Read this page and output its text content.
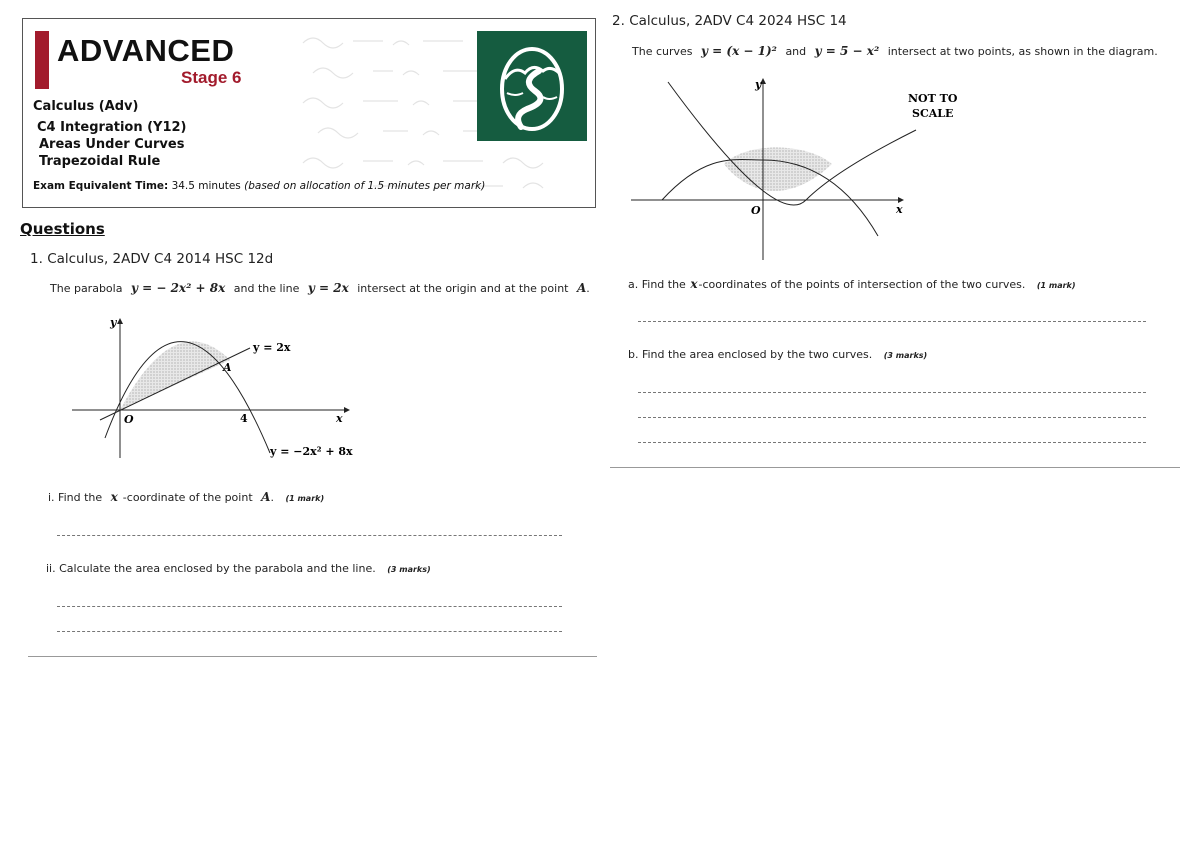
ADVANCED
Stage 6
Calculus (Adv)
C4 Integration (Y12)
Areas Under Curves
Trapezoidal Rule
Exam Equivalent Time: 34.5 minutes (based on allocation of 1.5 minutes per mark)
Questions
1. Calculus, 2ADV C4 2014 HSC 12d
The parabola y = − 2x² + 8x and the line y = 2x intersect at the origin and at the point A.
y
x
O	4
A
y = 2x
y = −2x² + 8x
i. Find the x -coordinate of the point A. (1 mark)
ii. Calculate the area enclosed by the parabola and the line. (3 marks)
2. Calculus, 2ADV C4 2024 HSC 14
The curves y = (x − 1)² and y = 5 − x² intersect at two points, as shown in the diagram.
y
x
O
NOT TO
SCALE
a. Find the x-coordinates of the points of intersection of the two curves. (1 mark)
b. Find the area enclosed by the two curves. (3 marks)
